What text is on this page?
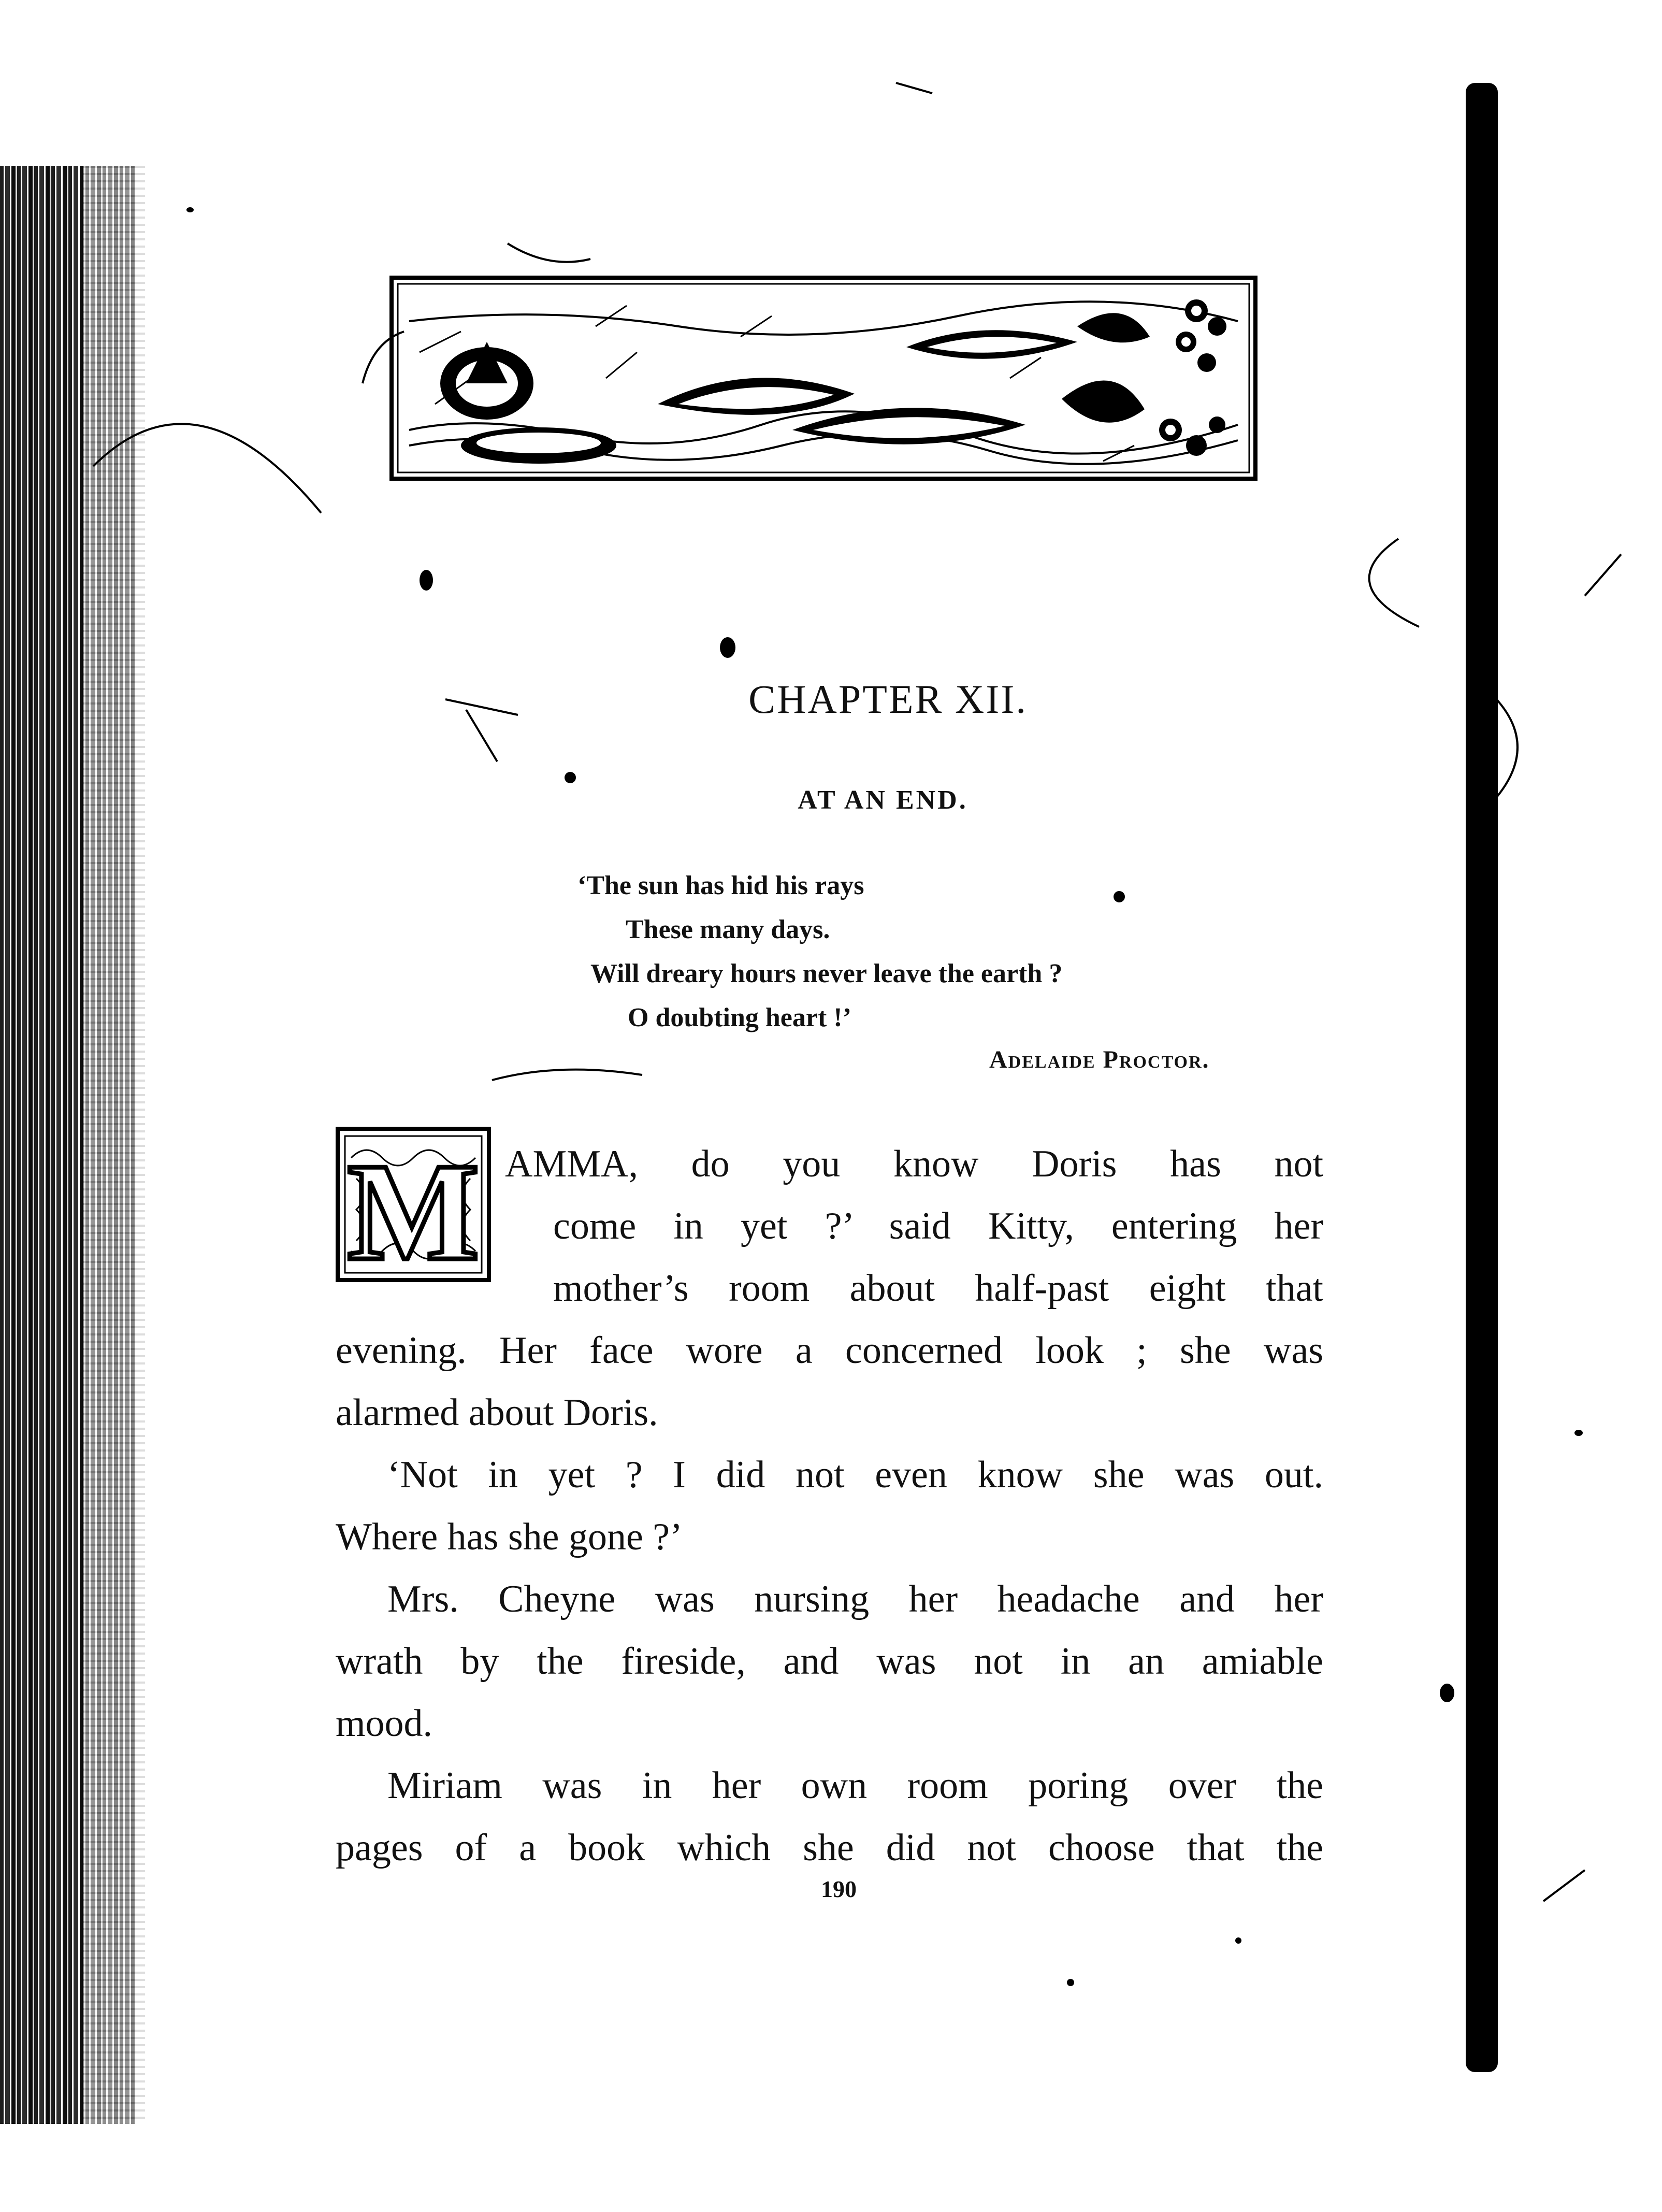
CHAPTER XII.
AT AN END.
‘The sun has hid his rays
These many days.
Will dreary hours never leave the earth ?
O doubting heart !’
Adelaide Proctor.
M AMMA, do you know Doris has not
come in yet ?’ said Kitty, entering her
mother’s room about half-past eight that
evening. Her face wore a concerned look ; she was
alarmed about Doris.
‘Not in yet ? I did not even know she was out.
Where has she gone ?’
Mrs. Cheyne was nursing her headache and her
wrath by the fireside, and was not in an amiable
mood.
Miriam was in her own room poring over the
pages of a book which she did not choose that the
190
